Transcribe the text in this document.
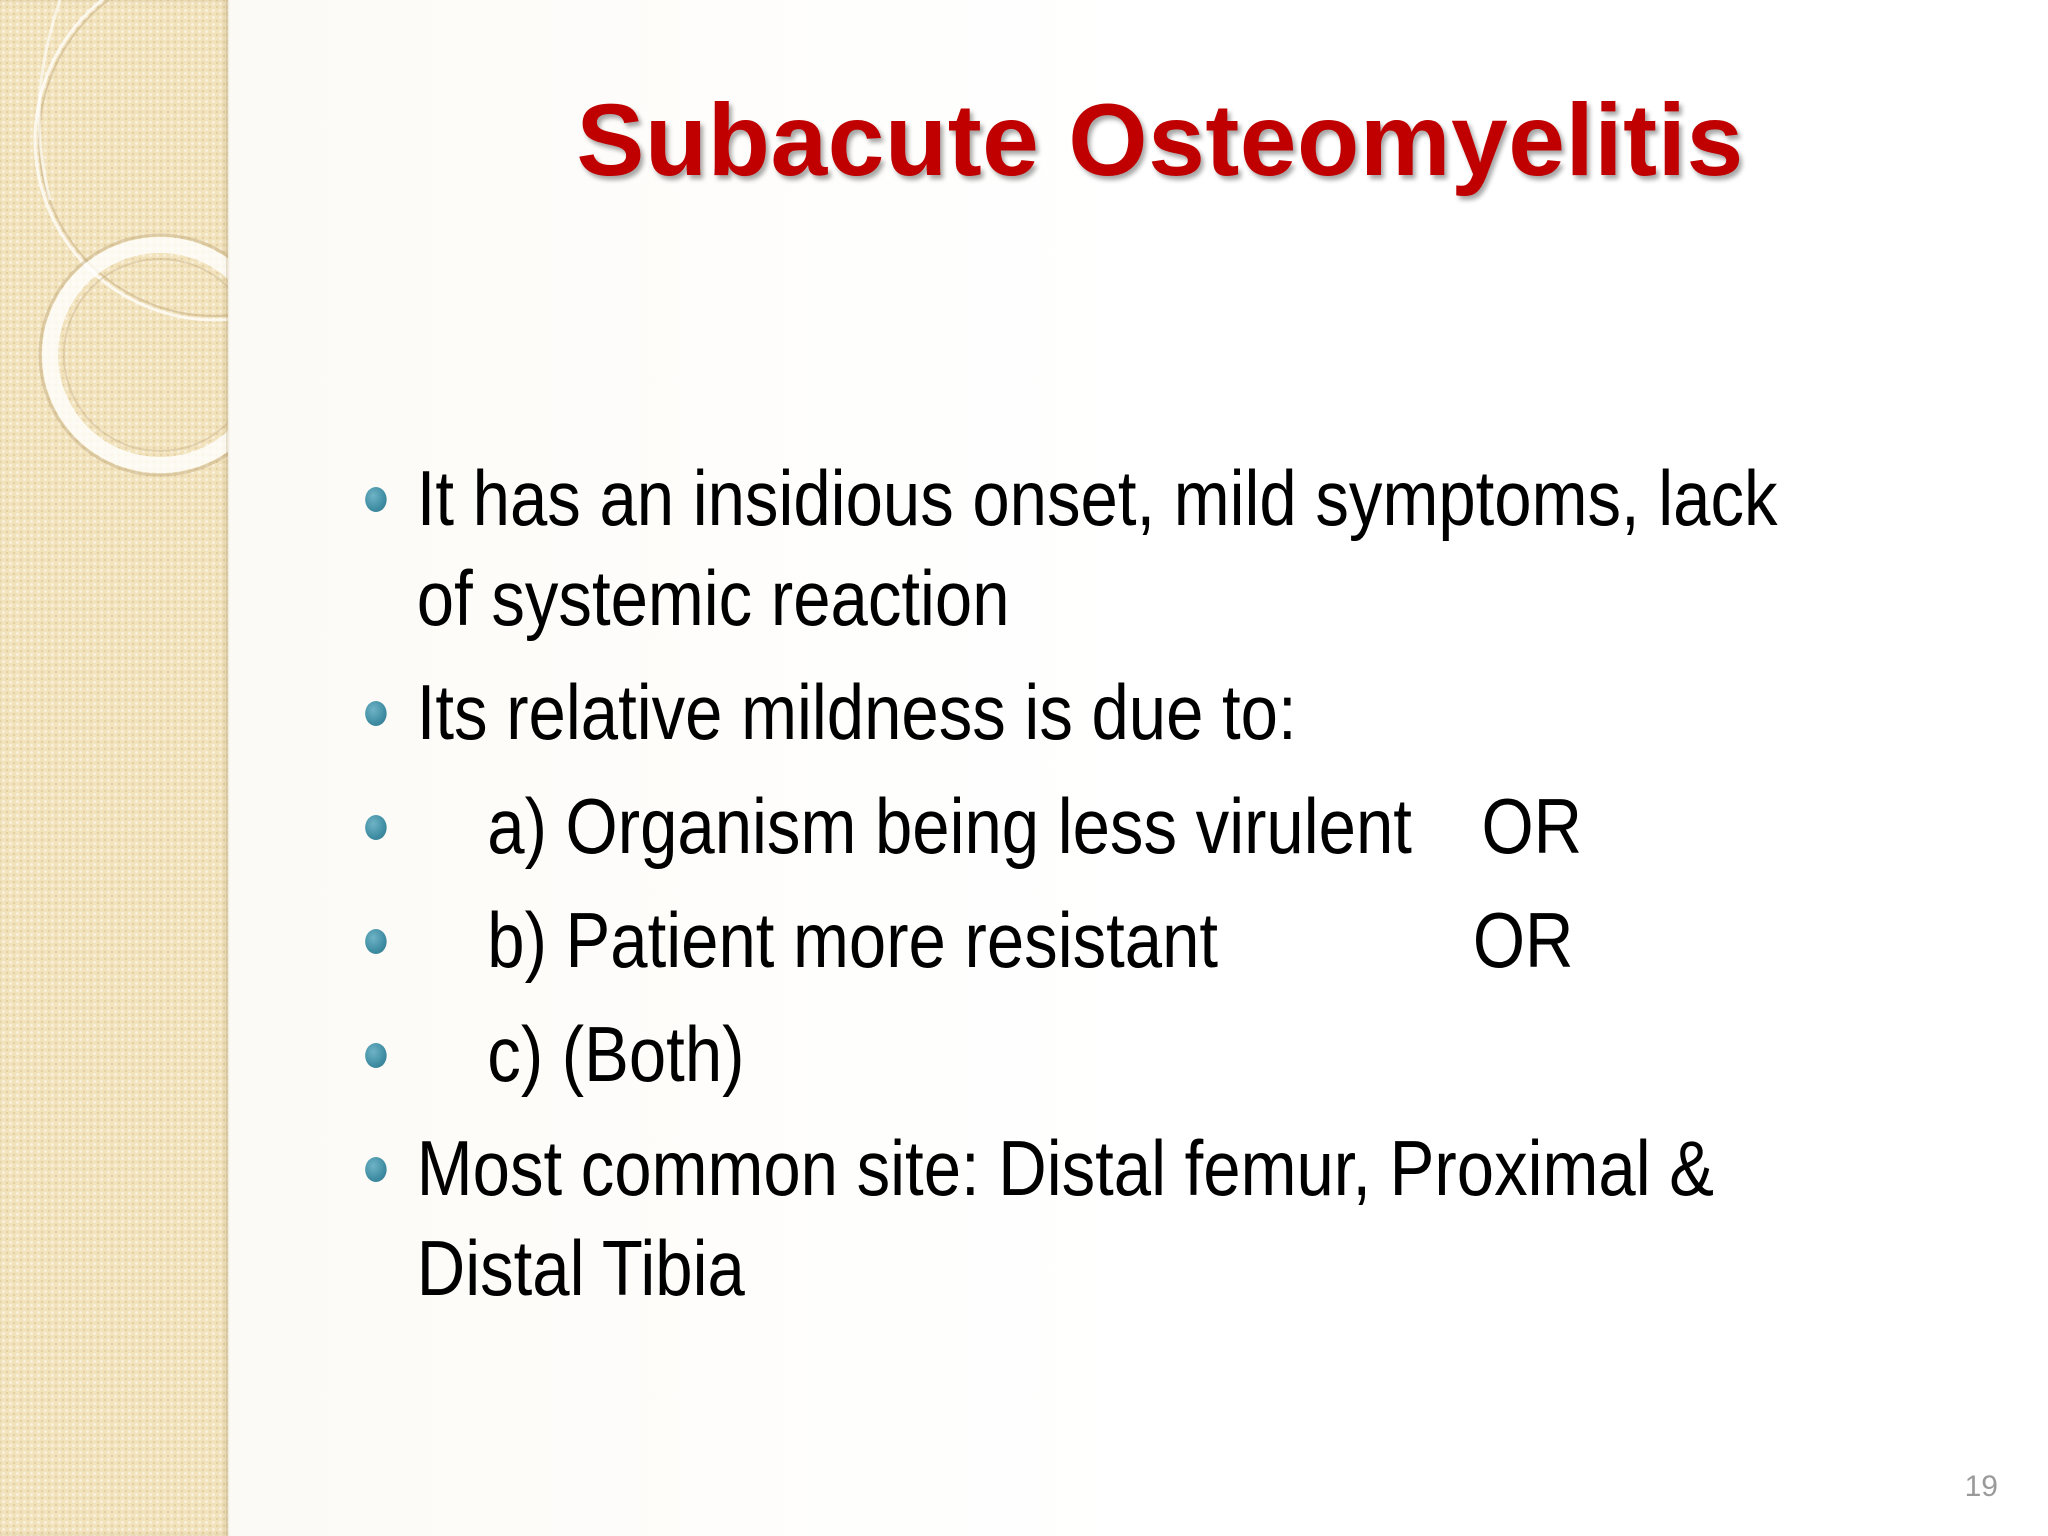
Subacute Osteomyelitis
It has an insidious onset, mild symptoms, lack
of systemic reaction
Its relative mildness is due to:
a) Organism being less virulent OR
b) Patient more resistant	OR
c) (Both)
Most common site: Distal femur, Proximal &
Distal Tibia
19
